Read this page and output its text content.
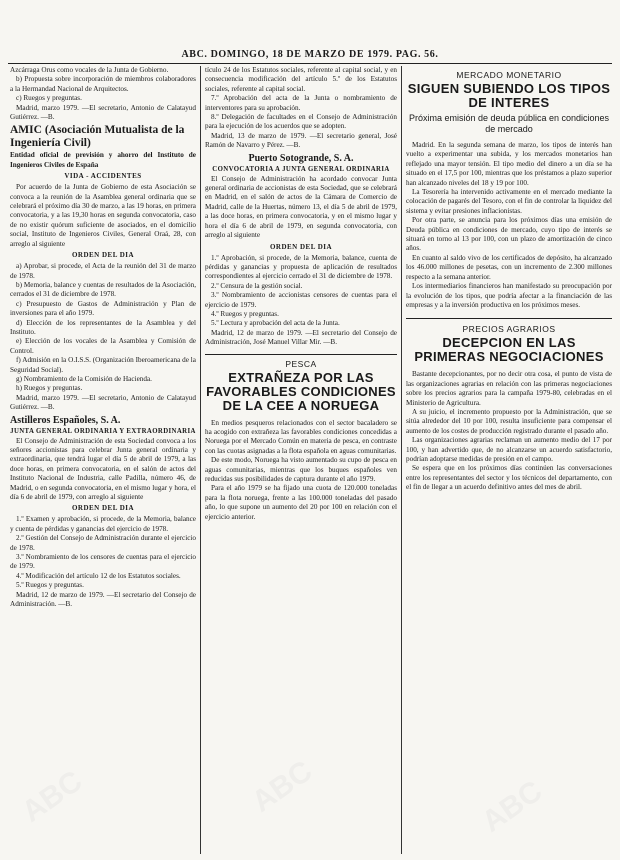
ABC. DOMINGO, 18 DE MARZO DE 1979. PAG. 56.

Azcárraga Orus como vocales de la Junta de Gobierno.

b) Propuesta sobre incorporación de miembros colaboradores a la Hermandad Nacional de Arquitectos.

c) Ruegos y preguntas.

Madrid, marzo 1979. —El secretario, Antonio de Calatayud Gutiérrez. —B.

AMIC (Asociación Mutualista de la Ingeniería Civil)

Entidad oficial de previsión y ahorro del Instituto de Ingenieros Civiles de España

VIDA - ACCIDENTES

Por acuerdo de la Junta de Gobierno de esta Asociación se convoca a la reunión de la Asamblea general ordinaria que se celebrará el próximo día 30 de marzo, a las 19 horas, en primera convocatoria, y a las 19,30 horas en segunda convocatoria, caso de no existir quórum suficiente de asociados, en el domicilio social, Instituto de Ingenieros Civiles, General Oraá, 28, con arreglo al siguiente

ORDEN DEL DIA

a) Aprobar, si procede, el Acta de la reunión del 31 de marzo de 1978.

b) Memoria, balance y cuentas de resultados de la Asociación, cerrados el 31 de diciembre de 1978.

c) Presupuesto de Gastos de Administración y Plan de inversiones para el año 1979.

d) Elección de los representantes de la Asamblea y del Instituto.

e) Elección de los vocales de la Asamblea y Comisión de Control.

f) Admisión en la O.I.S.S. (Organización Iberoamericana de la Seguridad Social).

g) Nombramiento de la Comisión de Hacienda.

h) Ruegos y preguntas.

Madrid, marzo 1979. —El secretario, Antonio de Calatayud Gutiérrez. —B.

Astilleros Españoles, S. A.
JUNTA GENERAL ORDINARIA Y EXTRAORDINARIA

El Consejo de Administración de esta Sociedad convoca a los señores accionistas para celebrar Junta general ordinaria y extraordinaria, que tendrá lugar el día 5 de abril de 1979, a las doce horas, en primera convocatoria, en el salón de actos del Instituto Nacional de Industria, calle Padilla, número 46, de Madrid, o en segunda convocatoria, en el mismo lugar y hora, el día 6 de abril de 1979, con arreglo al siguiente

ORDEN DEL DIA

1.º Examen y aprobación, si procede, de la Memoria, balance y cuenta de pérdidas y ganancias del ejercicio de 1978.

2.º Gestión del Consejo de Administración durante el ejercicio de 1978.

3.º Nombramiento de los censores de cuentas para el ejercicio de 1979.

4.º Modificación del artículo 12 de los Estatutos sociales.

5.º Ruegos y preguntas.

Madrid, 12 de marzo de 1979. —El secretario del Consejo de Administración. —B.

tículo 24 de los Estatutos sociales, referente al capital social, y en consecuencia modificación del artículo 5.º de los Estatutos sociales, referente al capital social.

7.º Aprobación del acta de la Junta o nombramiento de interventores para su aprobación.

8.º Delegación de facultades en el Consejo de Administración para la ejecución de los acuerdos que se adopten.

Madrid, 13 de marzo de 1979. —El secretario general, José Ramón de Navarro y Pérez. —B.

Puerto Sotogrande, S. A.
CONVOCATORIA A JUNTA GENERAL ORDINARIA

El Consejo de Administración ha acordado convocar Junta general ordinaria de accionistas de esta Sociedad, que se celebrará en Madrid, en el salón de actos de la Cámara de Comercio de Madrid, calle de la Huertas, número 13, el día 5 de abril de 1979, a las doce horas, en primera convocatoria, y en el mismo lugar y hora el día 6 de abril de 1979, en segunda convocatoria, con arreglo al siguiente

ORDEN DEL DIA

1.º Aprobación, si procede, de la Memoria, balance, cuenta de pérdidas y ganancias y propuesta de aplicación de resultados correspondientes al ejercicio cerrado el 31 de diciembre de 1978.

2.º Censura de la gestión social.

3.º Nombramiento de accionistas censores de cuentas para el ejercicio de 1979.

4.º Ruegos y preguntas.

5.º Lectura y aprobación del acta de la Junta.

Madrid, 12 de marzo de 1979. —El secretario del Consejo de Administración, José Manuel Villar Mir. —B.

PESCA
EXTRAÑEZA POR LAS FAVORABLES CONDICIONES DE LA CEE A NORUEGA

En medios pesqueros relacionados con el sector bacaladero se ha acogido con extrañeza las favorables condiciones concedidas a Noruega por el Mercado Común en materia de pesca, en contraste con las cuotas asignadas a la flota española en aguas comunitarias.

De este modo, Noruega ha visto aumentado su cupo de pesca en aguas comunitarias, mientras que los buques españoles ven reducidas sus posibilidades de captura durante el año 1979.

Para el año 1979 se ha fijado una cuota de 120.000 toneladas para la flota noruega, frente a las 100.000 toneladas del pasado año, lo que supone un aumento del 20 por 100 en relación con el ejercicio anterior.

MERCADO MONETARIO
SIGUEN SUBIENDO LOS TIPOS DE INTERES
Próxima emisión de deuda pública en condiciones de mercado

Madrid. En la segunda semana de marzo, los tipos de interés han vuelto a experimentar una subida, y los mercados monetarios han reflejado una mayor tensión. El tipo medio del dinero a un día se ha situado en el 17,5 por 100, mientras que los préstamos a plazo superior han alcanzado niveles del 18 y 19 por 100.

La Tesorería ha intervenido activamente en el mercado mediante la colocación de pagarés del Tesoro, con el fin de controlar la liquidez del sistema y evitar presiones inflacionistas.

Por otra parte, se anuncia para los próximos días una emisión de Deuda pública en condiciones de mercado, cuyo tipo de interés se situará en torno al 13 por 100, con un plazo de amortización de cinco años.

En cuanto al saldo vivo de los certificados de depósito, ha alcanzado los 46.000 millones de pesetas, con un incremento de 2.300 millones respecto a la semana anterior.

Los intermediarios financieros han manifestado su preocupación por la evolución de los tipos, que podría afectar a la financiación de las empresas y a la inversión productiva en los próximos meses.

PRECIOS AGRARIOS
DECEPCION EN LAS PRIMERAS NEGOCIACIONES

Bastante decepcionantes, por no decir otra cosa, el punto de vista de las organizaciones agrarias en relación con las primeras negociaciones sobre los precios agrarios para la campaña 1979-80, celebradas en el Ministerio de Agricultura.

A su juicio, el incremento propuesto por la Administración, que se sitúa alrededor del 10 por 100, resulta insuficiente para compensar el aumento de los costes de producción registrado durante el pasado año.

Las organizaciones agrarias reclaman un aumento medio del 17 por 100, y han advertido que, de no alcanzarse un acuerdo satisfactorio, podrían adoptarse medidas de presión en el campo.

Se espera que en los próximos días continúen las conversaciones entre los representantes del sector y los técnicos del departamento, con el fin de llegar a un acuerdo definitivo antes del mes de abril.

ABC	ABC	ABC
